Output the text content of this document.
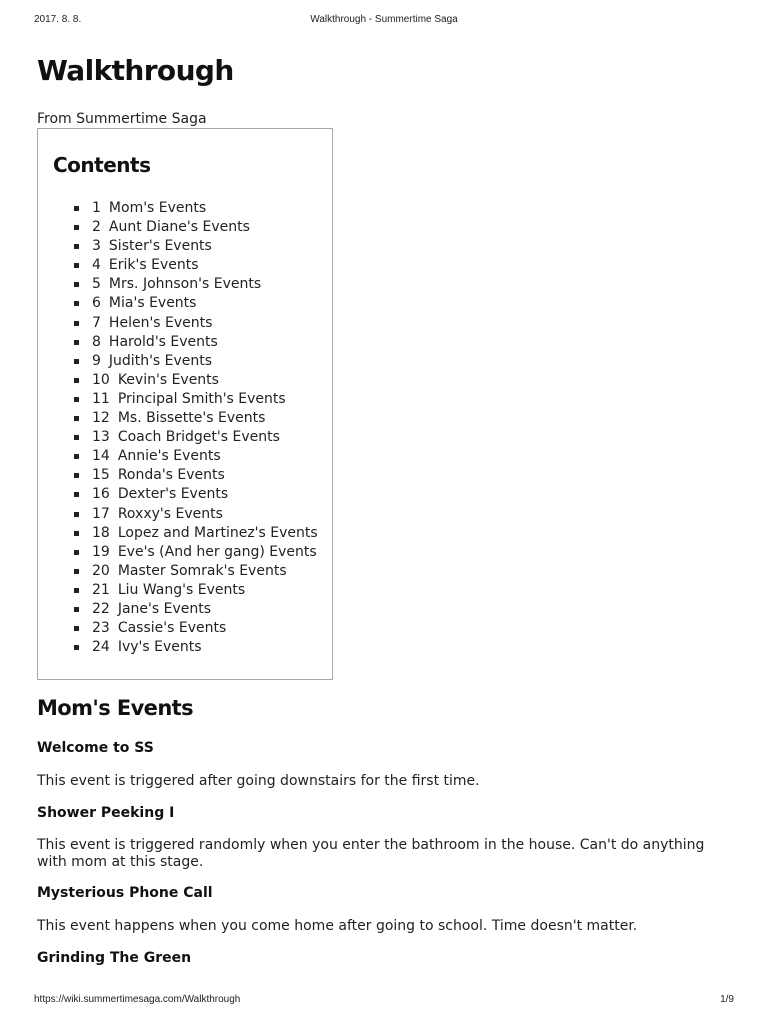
2017. 8. 8.	Walkthrough - Summertime Saga
Walkthrough

From Summertime Saga

Contents
1 Mom's Events
2 Aunt Diane's Events
3 Sister's Events
4 Erik's Events
5 Mrs. Johnson's Events
6 Mia's Events
7 Helen's Events
8 Harold's Events
9 Judith's Events
10 Kevin's Events
11 Principal Smith's Events
12 Ms. Bissette's Events
13 Coach Bridget's Events
14 Annie's Events
15 Ronda's Events
16 Dexter's Events
17 Roxxy's Events
18 Lopez and Martinez's Events
19 Eve's (And her gang) Events
20 Master Somrak's Events
21 Liu Wang's Events
22 Jane's Events
23 Cassie's Events
24 Ivy's Events
Mom's Events
Welcome to SS

This event is triggered after going downstairs for the first time.

Shower Peeking I

This event is triggered randomly when you enter the bathroom in the house. Can't do anything with mom at this stage.

Mysterious Phone Call

This event happens when you come home after going to school. Time doesn't matter.

Grinding The Green
https://wiki.summertimesaga.com/Walkthrough	1/9
